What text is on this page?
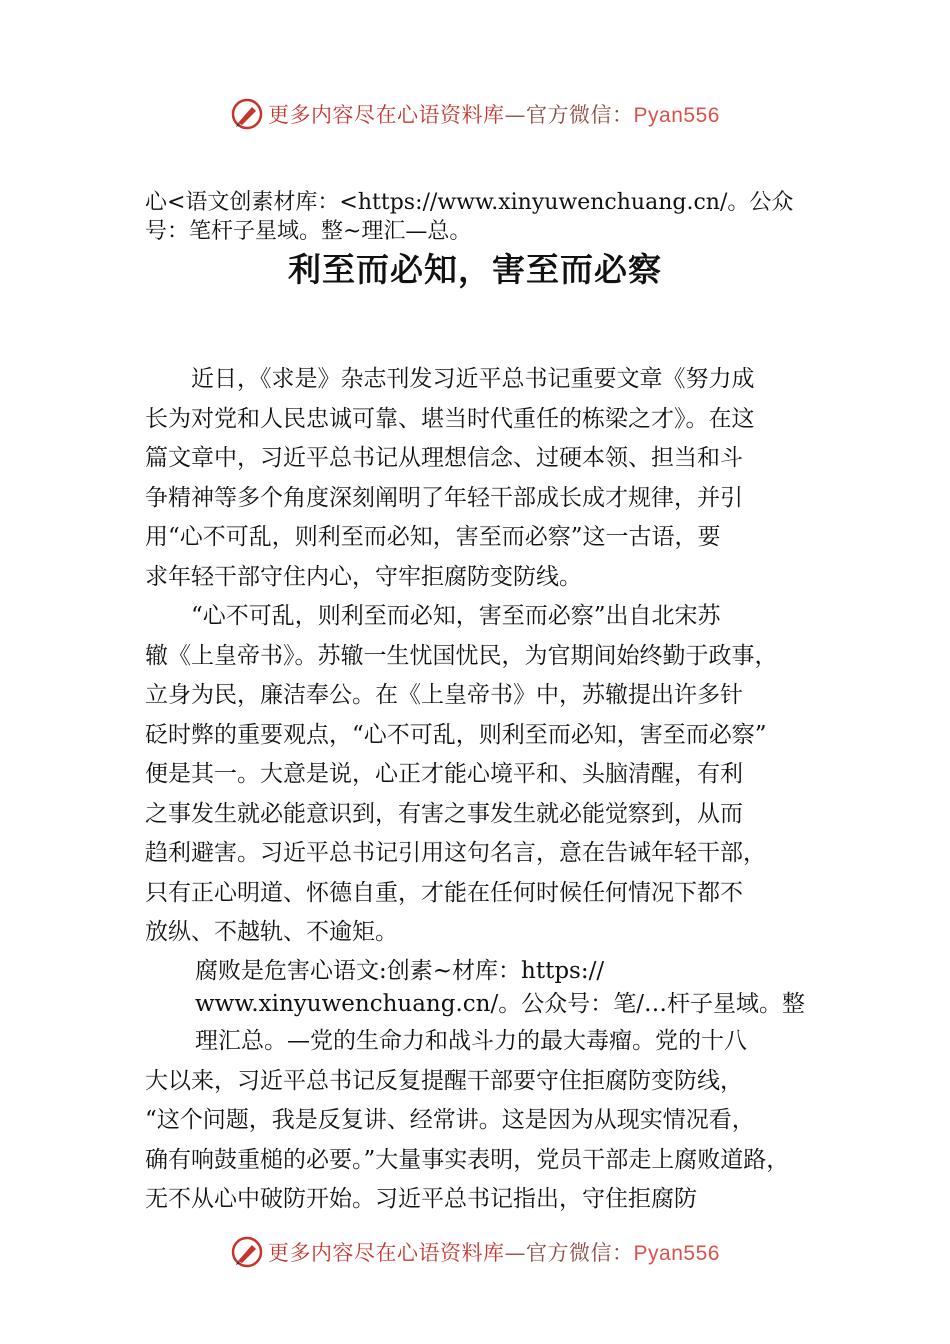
更多内容尽在心语资料库—官方微信：Pyan556
心<语文创素材库：<https://www.xinyuwenchuang.cn/。公众
号：笔杆子星域。整~理汇—总。
利至而必知，害至而必察
　　近日，《求是》杂志刊发习近平总书记重要文章《努力成
长为对党和人民忠诚可靠、堪当时代重任的栋梁之才》。在这
篇文章中，习近平总书记从理想信念、过硬本领、担当和斗
争精神等多个角度深刻阐明了年轻干部成长成才规律，并引
用“心不可乱，则利至而必知，害至而必察”这一古语，要
求年轻干部守住内心，守牢拒腐防变防线。
　　“心不可乱，则利至而必知，害至而必察”出自北宋苏
辙《上皇帝书》。苏辙一生忧国忧民，为官期间始终勤于政事，
立身为民，廉洁奉公。在《上皇帝书》中，苏辙提出许多针
砭时弊的重要观点，“心不可乱，则利至而必知，害至而必察”
便是其一。大意是说，心正才能心境平和、头脑清醒，有利
之事发生就必能意识到，有害之事发生就必能觉察到，从而
趋利避害。习近平总书记引用这句名言，意在告诫年轻干部，
只有正心明道、怀德自重，才能在任何时候任何情况下都不
放纵、不越轨、不逾矩。
腐败是危害心语文:创素~材库：https://
www.xinyuwenchuang.cn/。公众号：笔/…杆子星域。整
理汇总。—党的生命力和战斗力的最大毒瘤。党的十八
大以来，习近平总书记反复提醒干部要守住拒腐防变防线，
“这个问题，我是反复讲、经常讲。这是因为从现实情况看，
确有响鼓重槌的必要。”大量事实表明，党员干部走上腐败道路，
无不从心中破防开始。习近平总书记指出，守住拒腐防
更多内容尽在心语资料库—官方微信：Pyan556
